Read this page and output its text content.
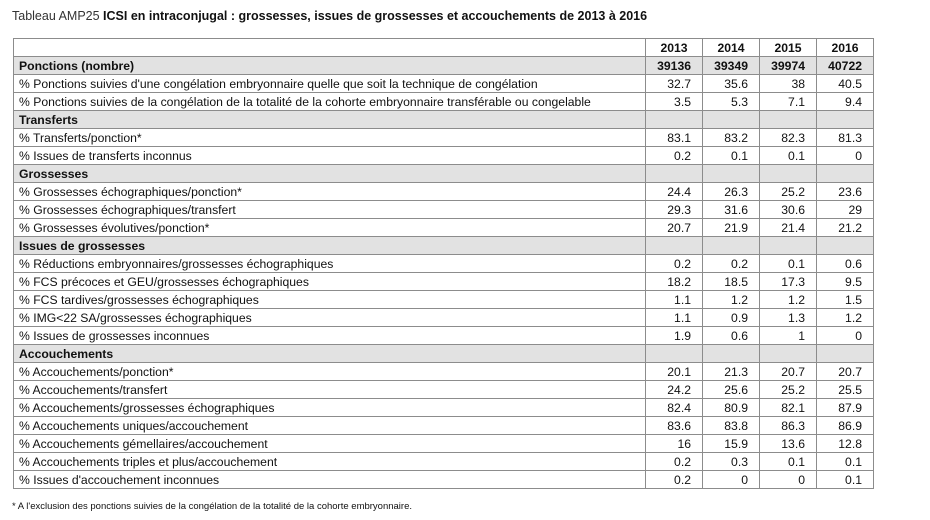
Tableau AMP25 ICSI en intraconjugal : grossesses, issues de grossesses et accouchements de 2013 à 2016
	2013	2014	2015	2016
Ponctions (nombre)	39136	39349	39974	40722
% Ponctions suivies d'une congélation embryonnaire quelle que soit la technique de congélation	32.7	35.6	38	40.5
% Ponctions suivies de la congélation de la totalité de la cohorte embryonnaire transférable ou congelable	3.5	5.3	7.1	9.4
Transferts				
% Transferts/ponction*	83.1	83.2	82.3	81.3
% Issues de transferts inconnus	0.2	0.1	0.1	0
Grossesses				
% Grossesses échographiques/ponction*	24.4	26.3	25.2	23.6
% Grossesses échographiques/transfert	29.3	31.6	30.6	29
% Grossesses évolutives/ponction*	20.7	21.9	21.4	21.2
Issues de grossesses				
% Réductions embryonnaires/grossesses échographiques	0.2	0.2	0.1	0.6
% FCS précoces et GEU/grossesses échographiques	18.2	18.5	17.3	9.5
% FCS tardives/grossesses échographiques	1.1	1.2	1.2	1.5
% IMG<22 SA/grossesses échographiques	1.1	0.9	1.3	1.2
% Issues de grossesses inconnues	1.9	0.6	1	0
Accouchements				
% Accouchements/ponction*	20.1	21.3	20.7	20.7
% Accouchements/transfert	24.2	25.6	25.2	25.5
% Accouchements/grossesses échographiques	82.4	80.9	82.1	87.9
% Accouchements uniques/accouchement	83.6	83.8	86.3	86.9
% Accouchements gémellaires/accouchement	16	15.9	13.6	12.8
% Accouchements triples et plus/accouchement	0.2	0.3	0.1	0.1
% Issues d'accouchement inconnues	0.2	0	0	0.1
* A l'exclusion des ponctions suivies de la congélation de la totalité de la cohorte embryonnaire.
